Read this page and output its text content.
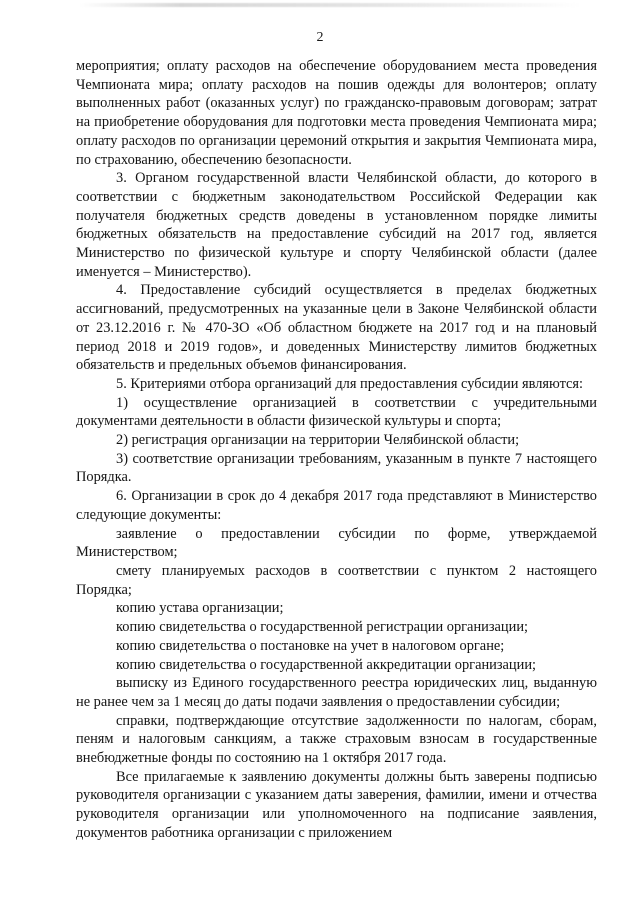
2

мероприятия; оплату расходов на обеспечение оборудованием места проведения Чемпионата мира; оплату расходов на пошив одежды для волонтеров; оплату выполненных работ (оказанных услуг) по гражданско-правовым договорам; затрат на приобретение оборудования для подготовки места проведения Чемпионата мира; оплату расходов по организации церемоний открытия и закрытия Чемпионата мира, по страхованию, обеспечению безопасности.

3. Органом государственной власти Челябинской области, до которого в соответствии с бюджетным законодательством Российской Федерации как получателя бюджетных средств доведены в установленном порядке лимиты бюджетных обязательств на предоставление субсидий на 2017 год, является Министерство по физической культуре и спорту Челябинской области (далее именуется – Министерство).

4. Предоставление субсидий осуществляется в пределах бюджетных ассигнований, предусмотренных на указанные цели в Законе Челябинской области от 23.12.2016 г. № 470-ЗО «Об областном бюджете на 2017 год и на плановый период 2018 и 2019 годов», и доведенных Министерству лимитов бюджетных обязательств и предельных объемов финансирования.

5. Критериями отбора организаций для предоставления субсидии являются:

1) осуществление организацией в соответствии с учредительными документами деятельности в области физической культуры и спорта;

2) регистрация организации на территории Челябинской области;

3) соответствие организации требованиям, указанным в пункте 7 настоящего Порядка.

6. Организации в срок до 4 декабря 2017 года представляют в Министерство следующие документы:

заявление о предоставлении субсидии по форме, утверждаемой Министерством;

смету планируемых расходов в соответствии с пунктом 2 настоящего Порядка;

копию устава организации;

копию свидетельства о государственной регистрации организации;

копию свидетельства о постановке на учет в налоговом органе;

копию свидетельства о государственной аккредитации организации;

выписку из Единого государственного реестра юридических лиц, выданную не ранее чем за 1 месяц до даты подачи заявления о предоставлении субсидии;

справки, подтверждающие отсутствие задолженности по налогам, сборам, пеням и налоговым санкциям, а также страховым взносам в государственные внебюджетные фонды по состоянию на 1 октября 2017 года.

Все прилагаемые к заявлению документы должны быть заверены подписью руководителя организации с указанием даты заверения, фамилии, имени и отчества руководителя организации или уполномоченного на подписание заявления, документов работника организации с приложением
